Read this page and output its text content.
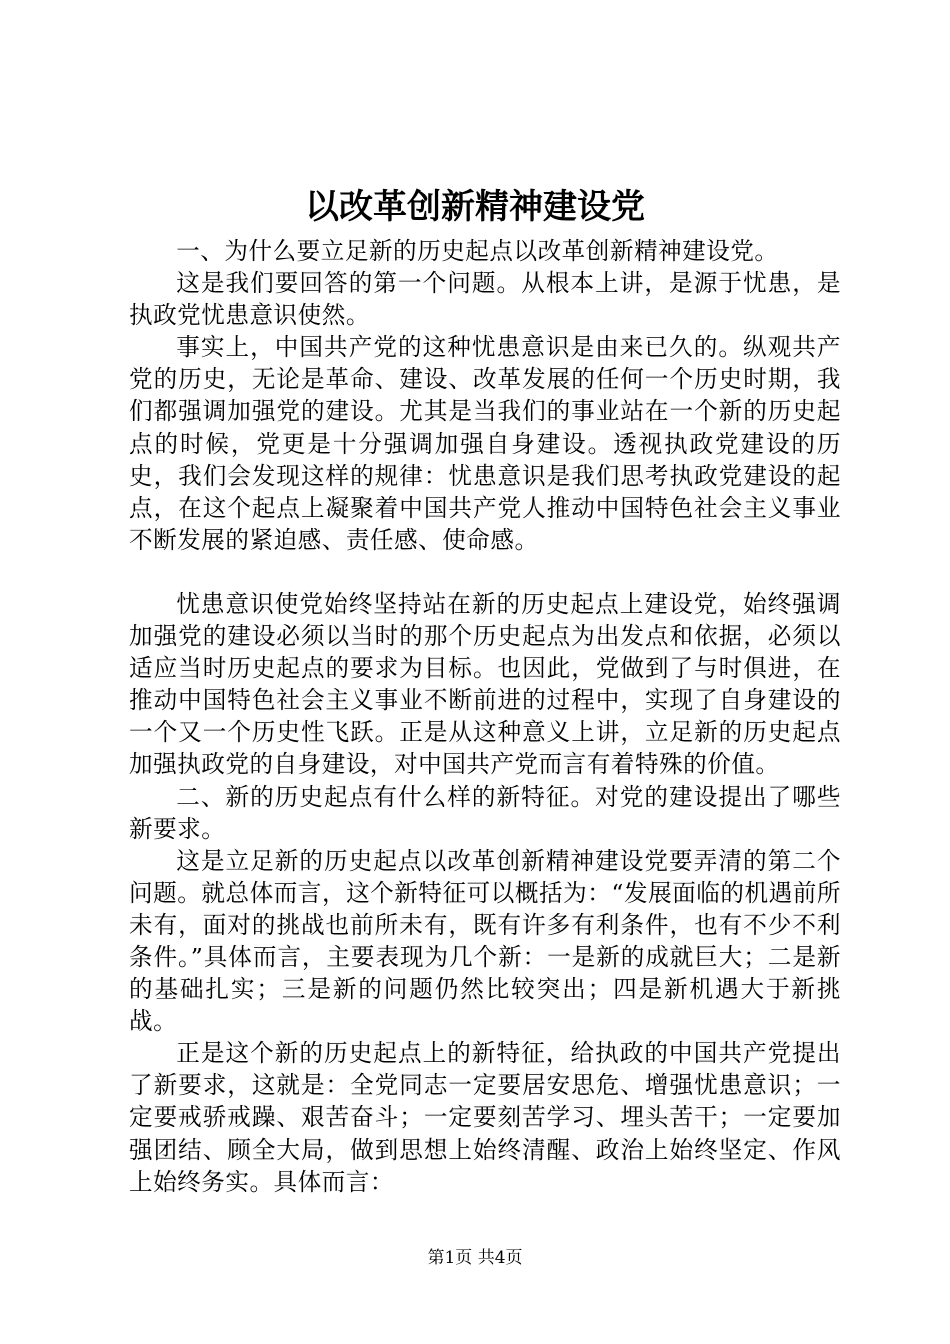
以改革创新精神建设党

一、为什么要立足新的历史起点以改革创新精神建设党。

这是我们要回答的第一个问题。从根本上讲，是源于忧患，是执政党忧患意识使然。

事实上，中国共产党的这种忧患意识是由来已久的。纵观共产党的历史，无论是革命、建设、改革发展的任何一个历史时期，我们都强调加强党的建设。尤其是当我们的事业站在一个新的历史起点的时候，党更是十分强调加强自身建设。透视执政党建设的历史，我们会发现这样的规律：忧患意识是我们思考执政党建设的起点，在这个起点上凝聚着中国共产党人推动中国特色社会主义事业不断发展的紧迫感、责任感、使命感。

忧患意识使党始终坚持站在新的历史起点上建设党，始终强调加强党的建设必须以当时的那个历史起点为出发点和依据，必须以适应当时历史起点的要求为目标。也因此，党做到了与时俱进，在推动中国特色社会主义事业不断前进的过程中，实现了自身建设的一个又一个历史性飞跃。正是从这种意义上讲，立足新的历史起点加强执政党的自身建设，对中国共产党而言有着特殊的价值。

二、新的历史起点有什么样的新特征。对党的建设提出了哪些新要求。

这是立足新的历史起点以改革创新精神建设党要弄清的第二个问题。就总体而言，这个新特征可以概括为：“发展面临的机遇前所未有，面对的挑战也前所未有，既有许多有利条件，也有不少不利条件。”具体而言，主要表现为几个新：一是新的成就巨大；二是新的基础扎实；三是新的问题仍然比较突出；四是新机遇大于新挑战。

正是这个新的历史起点上的新特征，给执政的中国共产党提出了新要求，这就是：全党同志一定要居安思危、增强忧患意识；一定要戒骄戒躁、艰苦奋斗；一定要刻苦学习、埋头苦干；一定要加强团结、顾全大局，做到思想上始终清醒、政治上始终坚定、作风上始终务实。具体而言：

第1页 共4页
